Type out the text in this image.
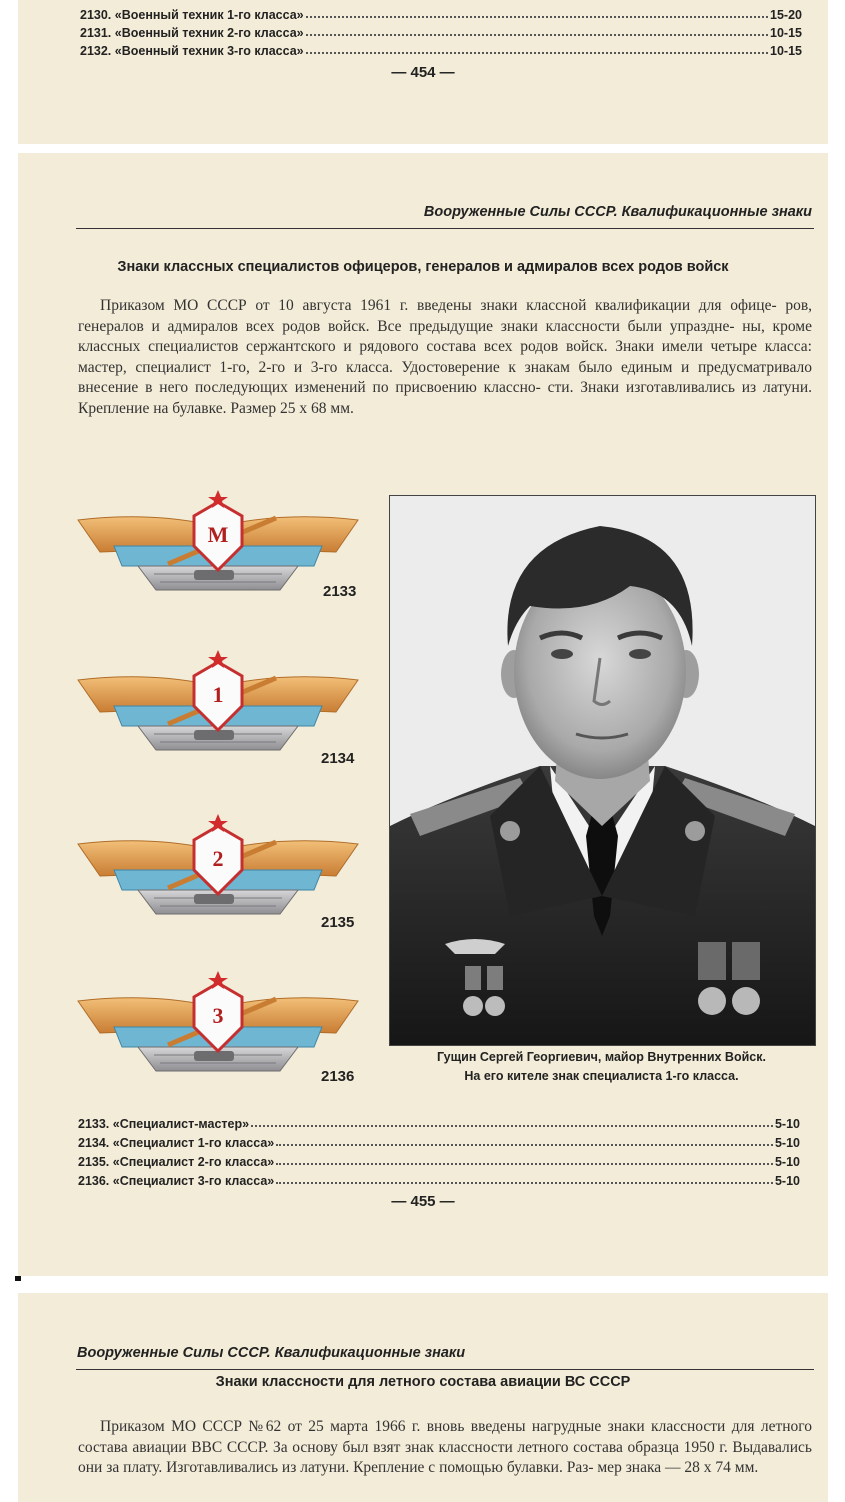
2130. «Военный техник 1-го класса»	15-20
2131. «Военный техник 2-го класса»	10-15
2132. «Военный техник 3-го класса»	10-15
— 454 —
Вооруженные Силы СССР. Квалификационные знаки
Знаки классных специалистов офицеров, генералов и адмиралов всех родов войск

Приказом МО СССР от 10 августа 1961 г. введены знаки классной квалификации для офице- ров, генералов и адмиралов всех родов войск. Все предыдущие знаки классности были упраздне- ны, кроме классных специалистов сержантского и рядового состава всех родов войск. Знаки имели четыре класса: мастер, специалист 1-го, 2-го и 3-го класса. Удостоверение к знакам было единым и предусматривало внесение в него последующих изменений по присвоению классно- сти. Знаки изготавливались из латуни. Крепление на булавке. Размер 25 х 68 мм.

М
2133
1
2134
2
2135
3
2136
Гущин Сергей Георгиевич, майор Внутренних Войск.
На его кителе знак специалиста 1-го класса.
2133. «Специалист-мастер»	5-10
2134. «Специалист 1-го класса»	5-10
2135. «Специалист 2-го класса»	5-10
2136. «Специалист 3-го класса»	5-10
— 455 —
Вооруженные Силы СССР. Квалификационные знаки
Знаки классности для летного состава авиации ВС СССР

Приказом МО СССР №62 от 25 марта 1966 г. вновь введены нагрудные знаки классности для летного состава авиации ВВС СССР. За основу был взят знак классности летного состава образца 1950 г. Выдавались они за плату. Изготавливались из латуни. Крепление с помощью булавки. Раз- мер знака — 28 х 74 мм.
